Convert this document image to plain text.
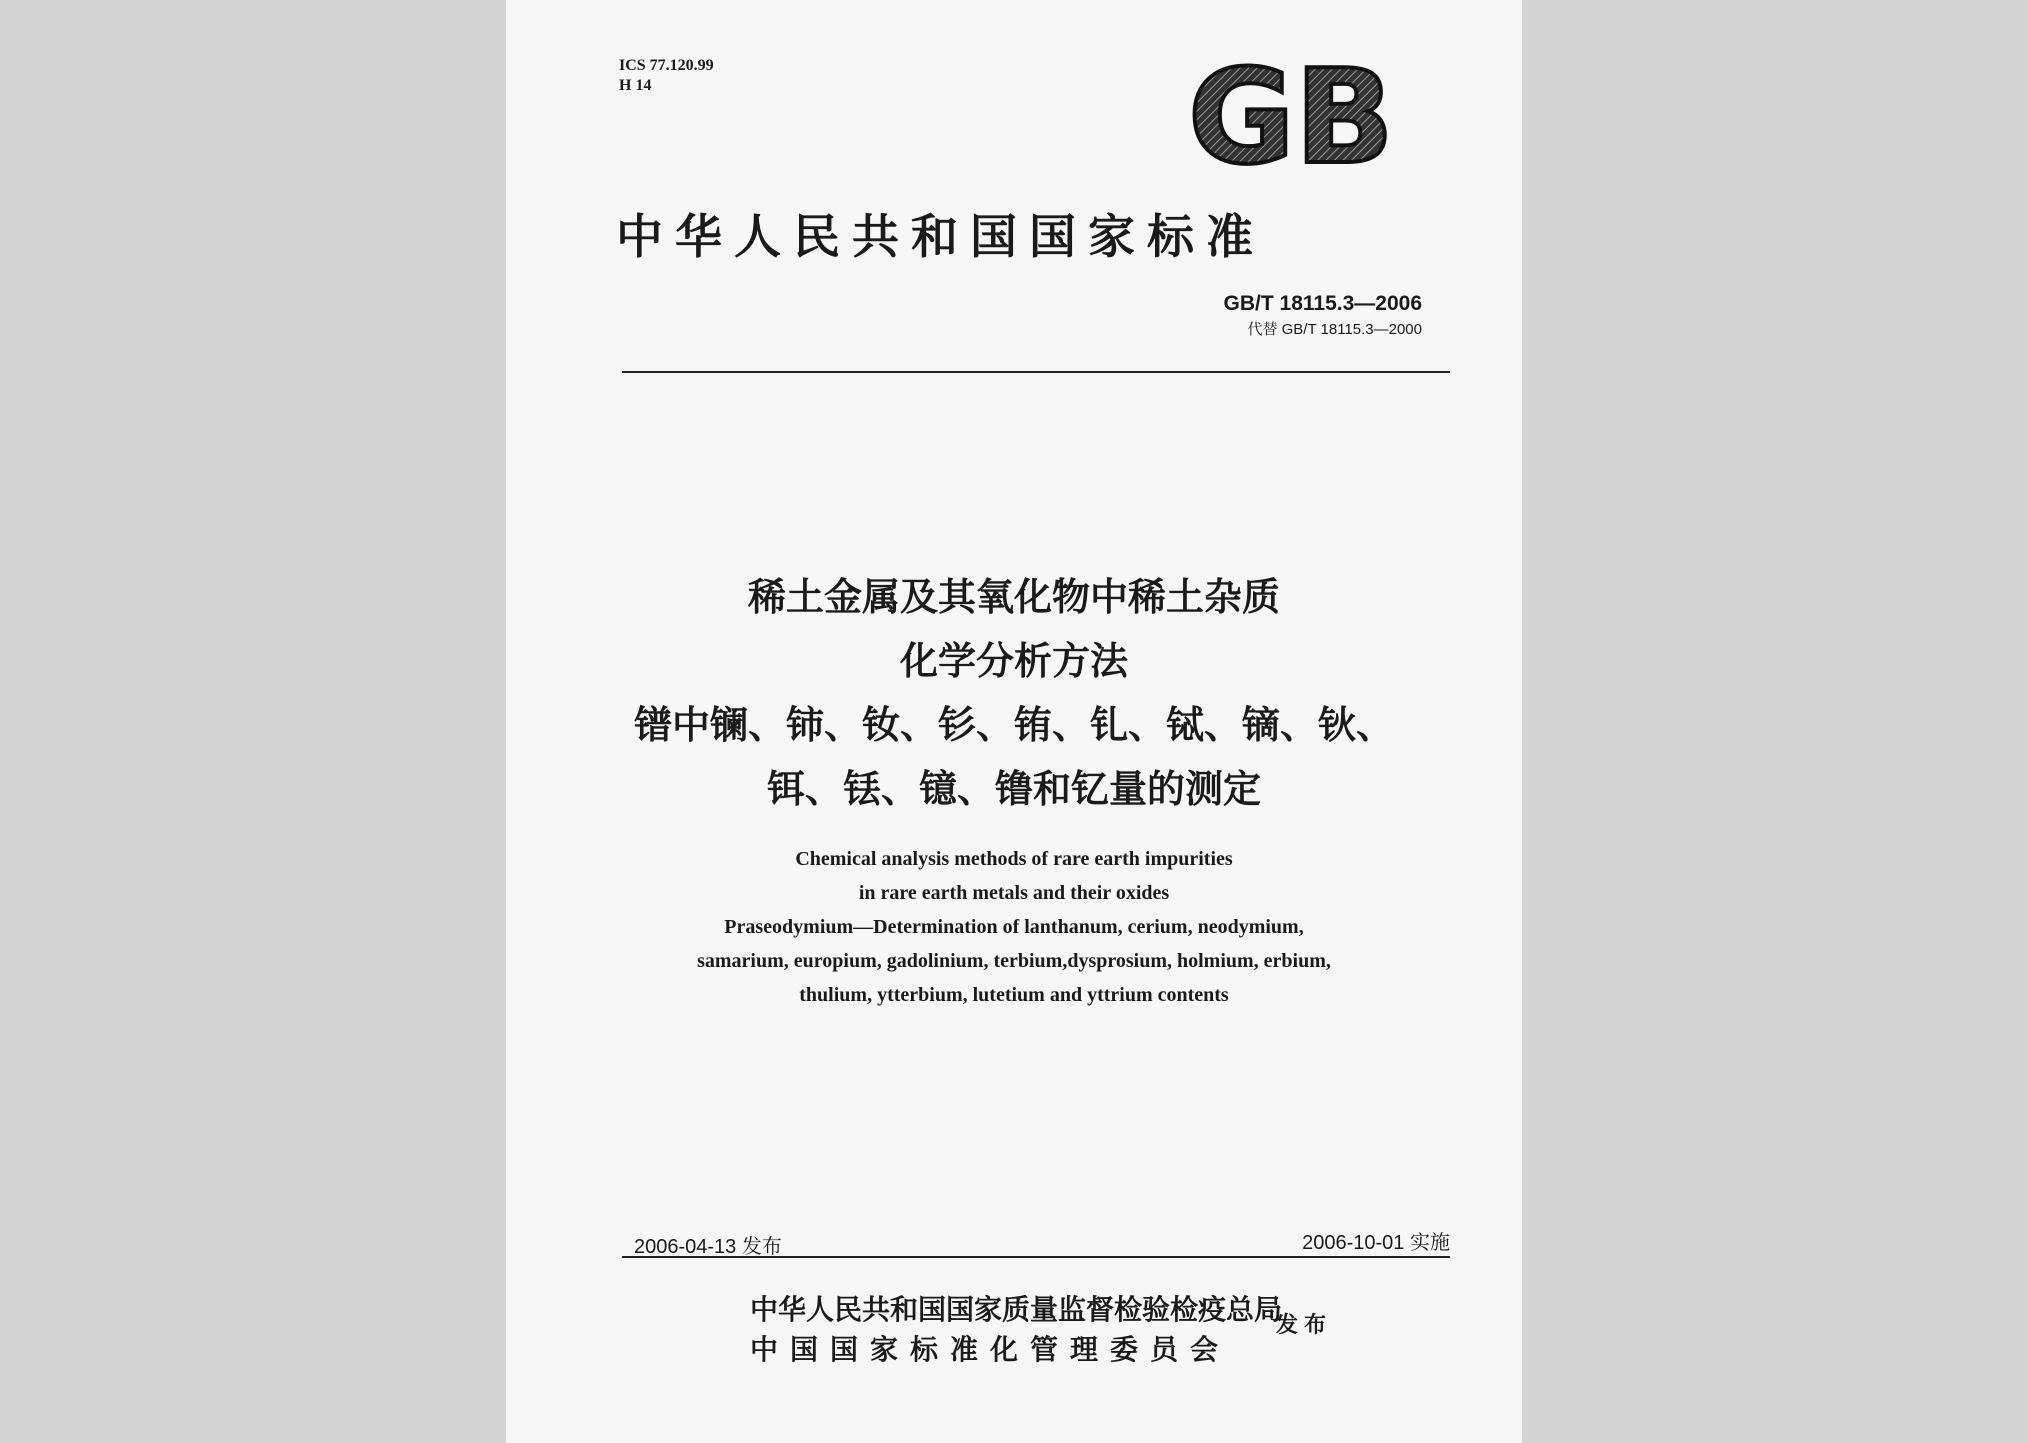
ICS 77.120.99
H 14	GB
中华人民共和国国家标准
GB/T 18115.3—2006
代替 GB/T 18115.3—2000
稀土金属及其氧化物中稀土杂质
化学分析方法
镨中镧、铈、钕、钐、铕、钆、铽、镝、钬、
铒、铥、镱、镥和钇量的测定
Chemical analysis methods of rare earth impurities
in rare earth metals and their oxides
Praseodymium—Determination of lanthanum, cerium, neodymium,
samarium, europium, gadolinium, terbium,dysprosium, holmium, erbium,
thulium, ytterbium, lutetium and yttrium contents
2006-04-13 发布	2006-10-01 实施
中华人民共和国国家质量监督检验检疫总局
中国国家标准化管理委员会
发布
